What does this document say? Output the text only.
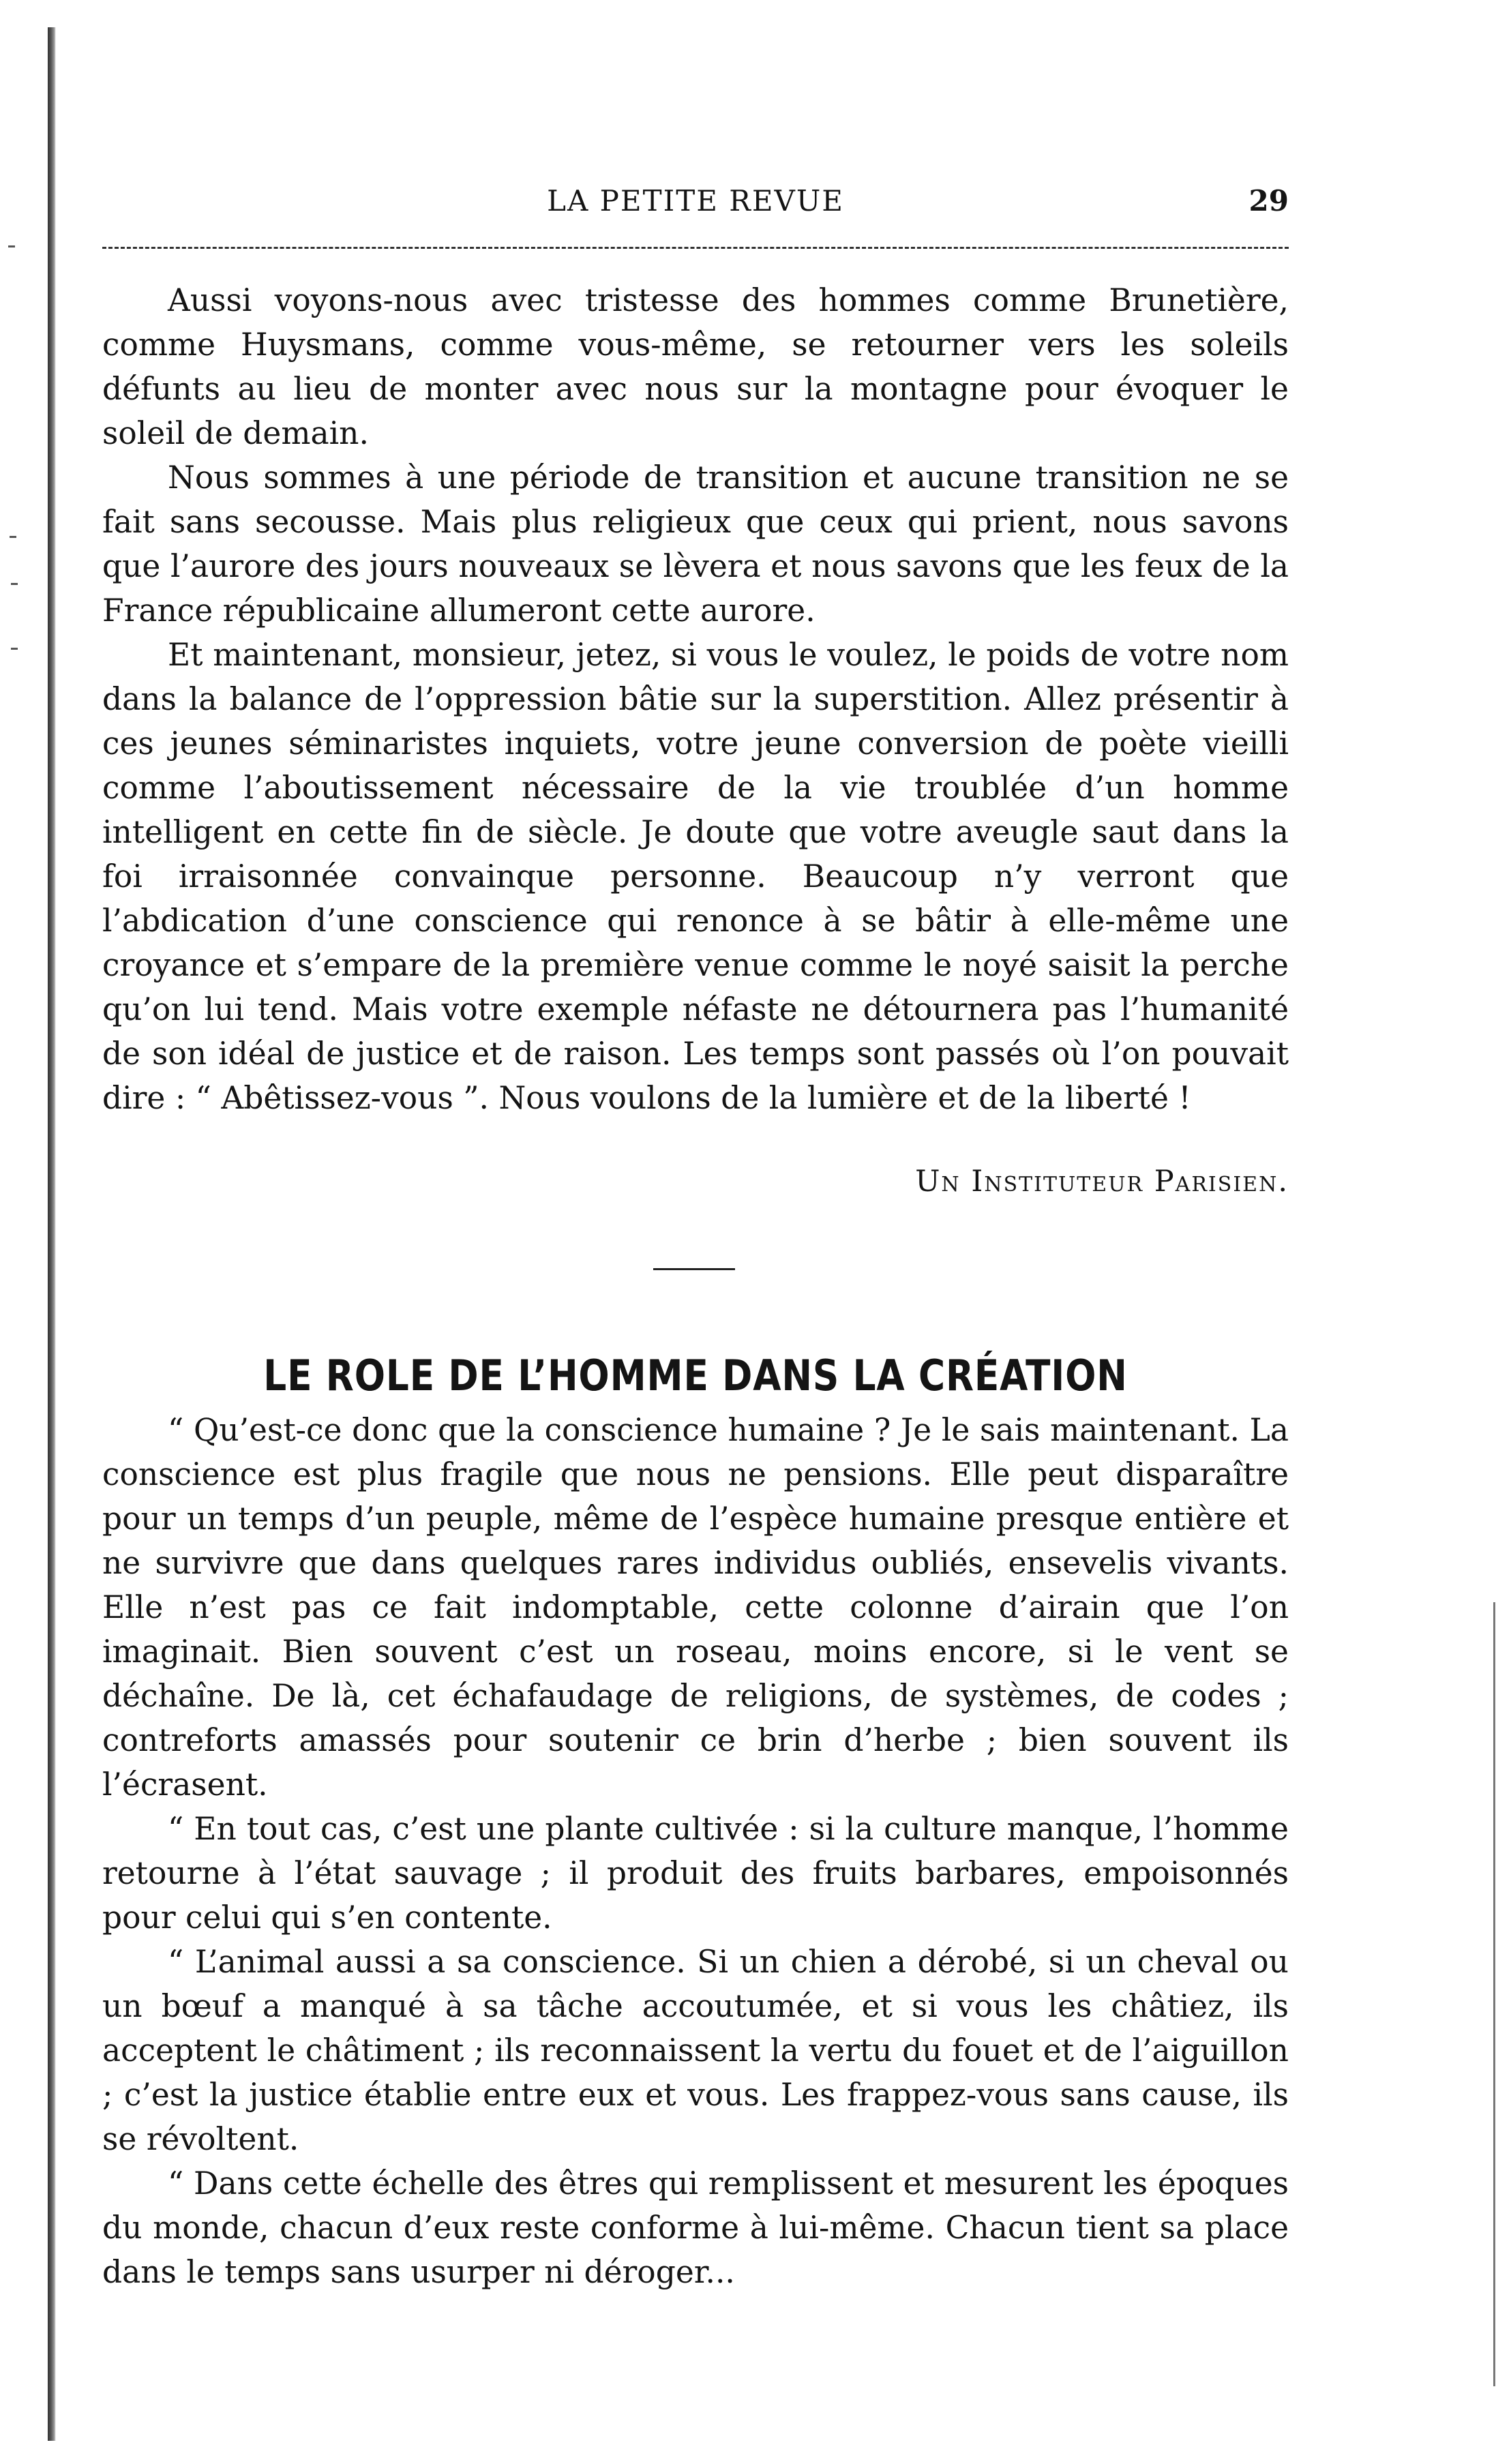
LA PETITE REVUE	29

Aussi voyons-nous avec tristesse des hommes comme Brunetière, comme Huysmans, comme vous-même, se retourner vers les soleils défunts au lieu de monter avec nous sur la montagne pour évoquer le soleil de demain.

Nous sommes à une période de transition et aucune transition ne se fait sans secousse. Mais plus religieux que ceux qui prient, nous savons que l’aurore des jours nouveaux se lèvera et nous savons que les feux de la France républicaine allumeront cette aurore.

Et maintenant, monsieur, jetez, si vous le voulez, le poids de votre nom dans la balance de l’oppression bâtie sur la superstition. Allez présentir à ces jeunes séminaristes inquiets, votre jeune conversion de poète vieilli comme l’aboutissement nécessaire de la vie troublée d’un homme intelligent en cette fin de siècle. Je doute que votre aveugle saut dans la foi irraisonnée convainque personne. Beaucoup n’y verront que l’abdication d’une conscience qui renonce à se bâtir à elle-même une croyance et s’empare de la première venue comme le noyé saisit la perche qu’on lui tend. Mais votre exemple néfaste ne détournera pas l’humanité de son idéal de justice et de raison. Les temps sont passés où l’on pouvait dire : “ Abêtissez-vous ”. Nous voulons de la lumière et de la liberté !

Un Instituteur Parisien.
LE ROLE DE L’HOMME DANS LA CRÉATION

“ Qu’est-ce donc que la conscience humaine ? Je le sais maintenant. La conscience est plus fragile que nous ne pensions. Elle peut disparaître pour un temps d’un peuple, même de l’espèce humaine presque entière et ne survivre que dans quelques rares individus oubliés, ensevelis vivants. Elle n’est pas ce fait indomptable, cette colonne d’airain que l’on imaginait. Bien souvent c’est un roseau, moins encore, si le vent se déchaîne. De là, cet échafaudage de religions, de systèmes, de codes ; contreforts amassés pour soutenir ce brin d’herbe ; bien souvent ils l’écrasent.

“ En tout cas, c’est une plante cultivée : si la culture manque, l’homme retourne à l’état sauvage ; il produit des fruits barbares, empoisonnés pour celui qui s’en contente.

“ L’animal aussi a sa conscience. Si un chien a dérobé, si un cheval ou un bœuf a manqué à sa tâche accoutumée, et si vous les châtiez, ils acceptent le châtiment ; ils reconnaissent la vertu du fouet et de l’aiguillon ; c’est la justice établie entre eux et vous. Les frappez-vous sans cause, ils se révoltent.

“ Dans cette échelle des êtres qui remplissent et mesurent les époques du monde, chacun d’eux reste conforme à lui-même. Chacun tient sa place dans le temps sans usurper ni déroger...
